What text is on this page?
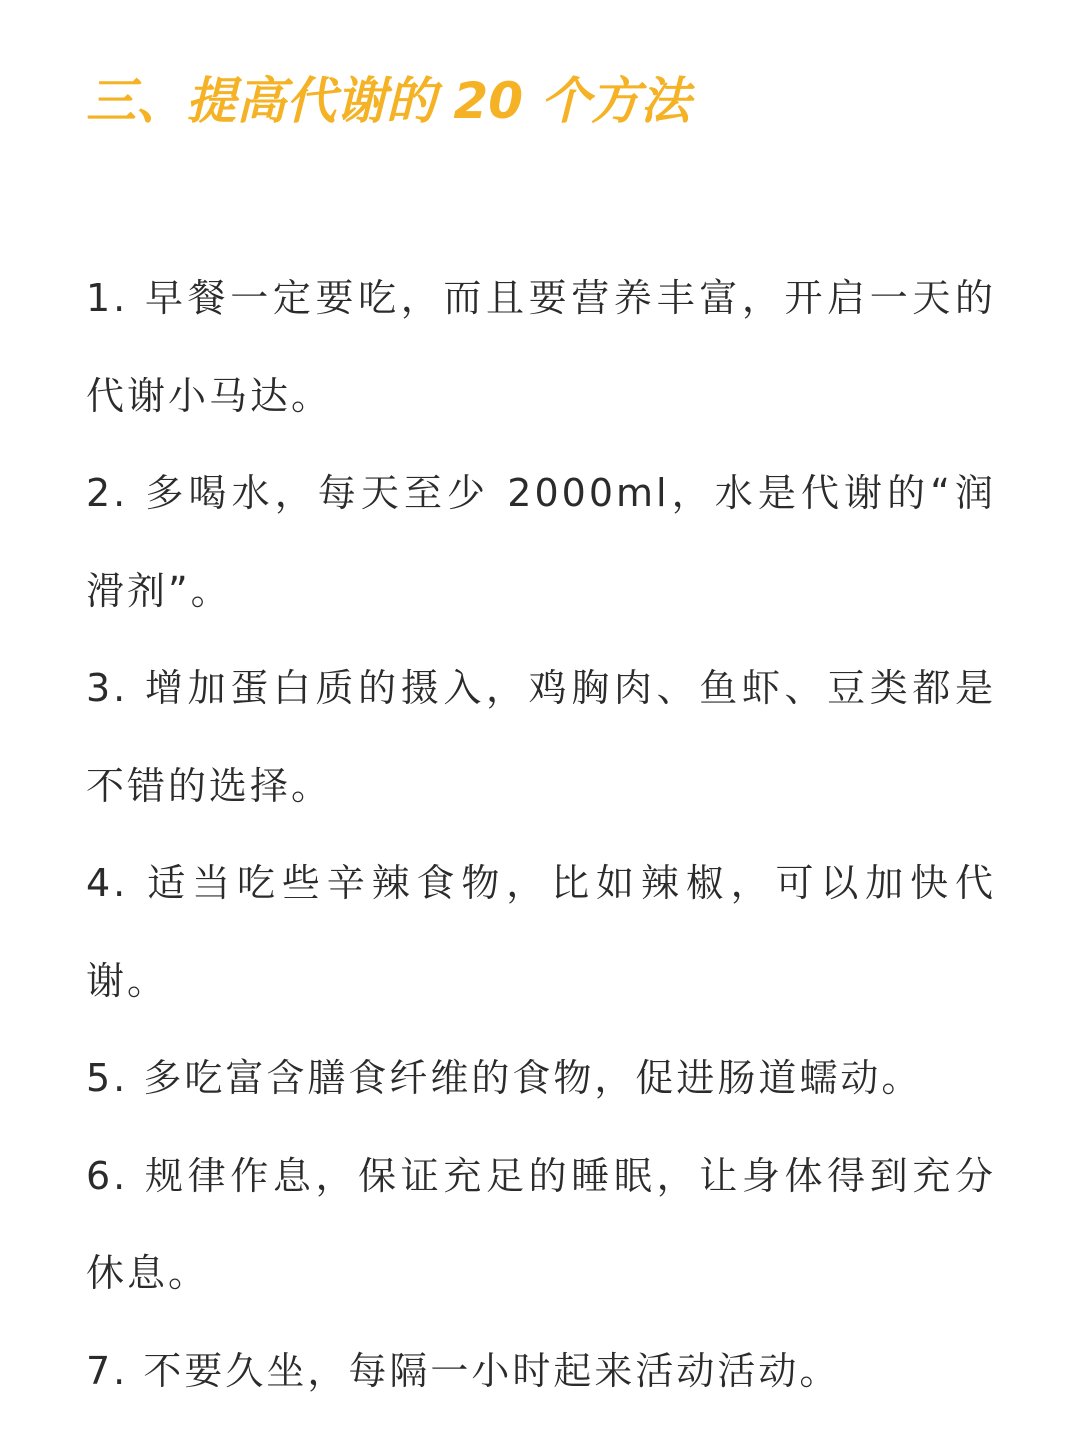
三、提高代谢的 20 个方法
1. 早餐一定要吃，而且要营养丰富，开启一天的代谢小马达。
2. 多喝水，每天至少 2000ml，水是代谢的“润滑剂”。
3. 增加蛋白质的摄入，鸡胸肉、鱼虾、豆类都是不错的选择。
4. 适当吃些辛辣食物，比如辣椒，可以加快代谢。
5. 多吃富含膳食纤维的食物，促进肠道蠕动。
6. 规律作息，保证充足的睡眠，让身体得到充分休息。
7. 不要久坐，每隔一小时起来活动活动。
